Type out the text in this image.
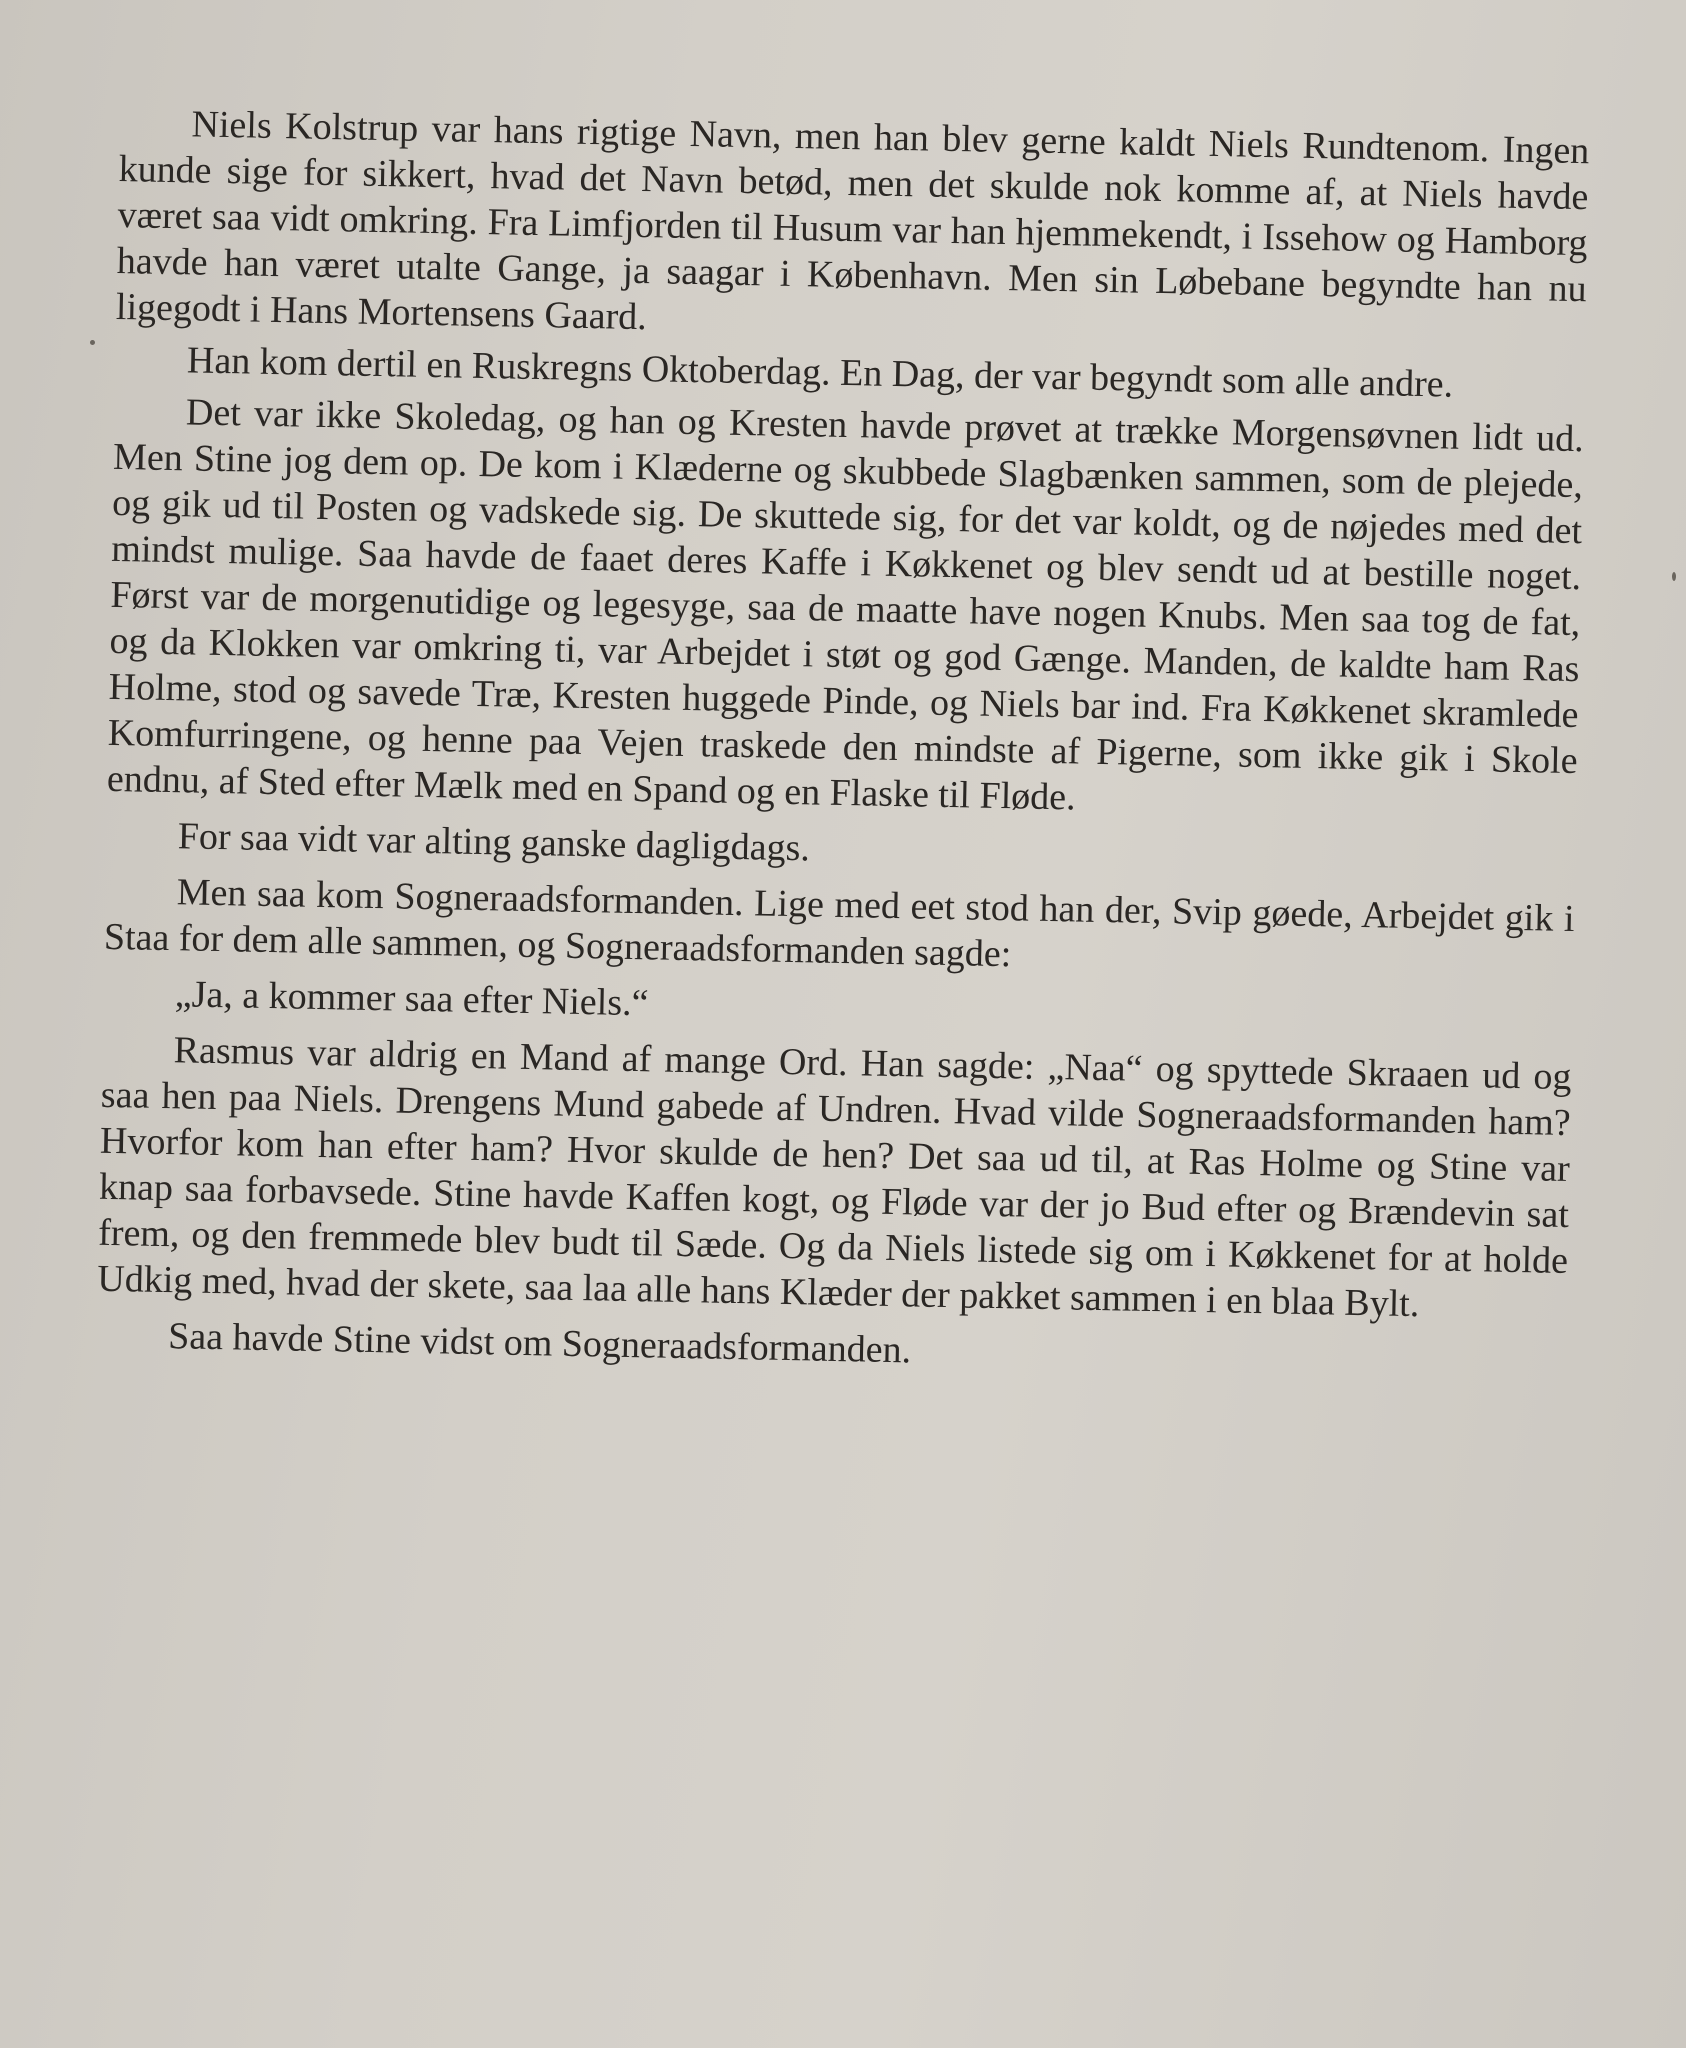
Niels Kolstrup var hans rigtige Navn, men han blev gerne kaldt Niels Rundtenom. Ingen kunde sige for sikkert, hvad det Navn betød, men det skulde nok komme af, at Niels havde været saa vidt omkring. Fra Limfjorden til Husum var han hjemmekendt, i Issehow og Hamborg havde han været utalte Gange, ja saagar i København. Men sin Løbebane begyndte han nu ligegodt i Hans Mortensens Gaard.

Han kom dertil en Ruskregns Oktoberdag. En Dag, der var begyndt som alle andre.

Det var ikke Skoledag, og han og Kresten havde prøvet at trække Morgensøvnen lidt ud. Men Stine jog dem op. De kom i Klæderne og skubbede Slagbænken sammen, som de plejede, og gik ud til Posten og vadskede sig. De skuttede sig, for det var koldt, og de nøjedes med det mindst mulige. Saa havde de faaet deres Kaffe i Køkkenet og blev sendt ud at bestille noget. Først var de morgenutidige og legesyge, saa de maatte have nogen Knubs. Men saa tog de fat, og da Klokken var omkring ti, var Arbejdet i støt og god Gænge. Manden, de kaldte ham Ras Holme, stod og savede Træ, Kresten huggede Pinde, og Niels bar ind. Fra Køkkenet skramlede Komfurringene, og henne paa Vejen traskede den mindste af Pigerne, som ikke gik i Skole endnu, af Sted efter Mælk med en Spand og en Flaske til Fløde.

For saa vidt var alting ganske dagligdags.

Men saa kom Sogneraadsformanden. Lige med eet stod han der, Svip gøede, Arbejdet gik i Staa for dem alle sammen, og Sogneraadsformanden sagde:

„Ja, a kommer saa efter Niels.“

Rasmus var aldrig en Mand af mange Ord. Han sagde: „Naa“ og spyttede Skraaen ud og saa hen paa Niels. Drengens Mund gabede af Undren. Hvad vilde Sogneraadsformanden ham? Hvorfor kom han efter ham? Hvor skulde de hen? Det saa ud til, at Ras Holme og Stine var knap saa forbavsede. Stine havde Kaffen kogt, og Fløde var der jo Bud efter og Brændevin sat frem, og den fremmede blev budt til Sæde. Og da Niels listede sig om i Køkkenet for at holde Udkig med, hvad der skete, saa laa alle hans Klæder der pakket sammen i en blaa Bylt.

Saa havde Stine vidst om Sogneraadsformanden.
